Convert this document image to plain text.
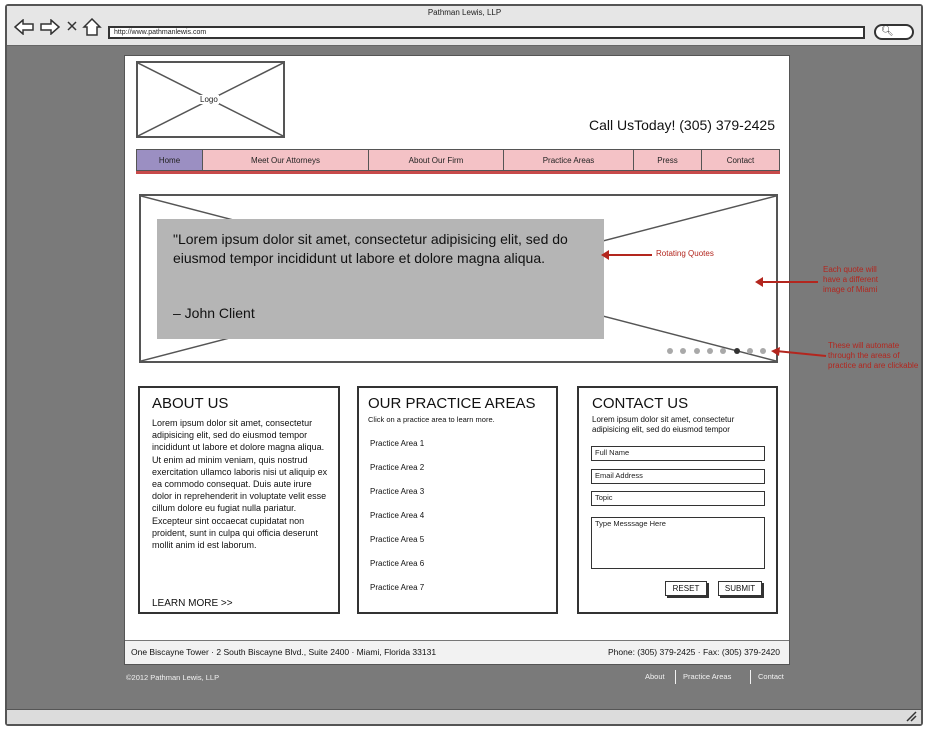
Pathman Lewis, LLP
http://www.pathmanlewis.com	🔍︎
Logo
Call UsToday! (305) 379-2425
Home	Meet Our Attorneys	About Our Firm	Practice Areas	Press	Contact
"Lorem ipsum dolor sit amet, consectetur adipisicing elit, sed do eiusmod tempor incididunt ut labore et dolore magna aliqua.
– John Client
Rotating Quotes
Each quote will have a different image of Miami
These will automate through the areas of practice and are clickable
ABOUT US
Lorem ipsum dolor sit amet, consectetur adipisicing elit, sed do eiusmod tempor incididunt ut labore et dolore magna aliqua. Ut enim ad minim veniam, quis nostrud exercitation ullamco laboris nisi ut aliquip ex ea commodo consequat. Duis aute irure dolor in reprehenderit in voluptate velit esse cillum dolore eu fugiat nulla pariatur. Excepteur sint occaecat cupidatat non proident, sunt in culpa qui officia deserunt mollit anim id est laborum.
LEARN MORE >>
OUR PRACTICE AREAS
Click on a practice area to learn more.
Practice Area 1
Practice Area 2
Practice Area 3
Practice Area 4
Practice Area 5
Practice Area 6
Practice Area 7
CONTACT US
Lorem ipsum dolor sit amet, consectetur adipisicing elit, sed do eiusmod tempor
Full Name
Email Address
Topic
Type Messsage Here
RESET	SUBMIT
One Biscayne Tower · 2 South Biscayne Blvd., Suite 2400 · Miami, Florida 33131	Phone: (305) 379-2425 · Fax: (305) 379-2420
©2012 Pathman Lewis, LLP	About Practice Areas	Contact
